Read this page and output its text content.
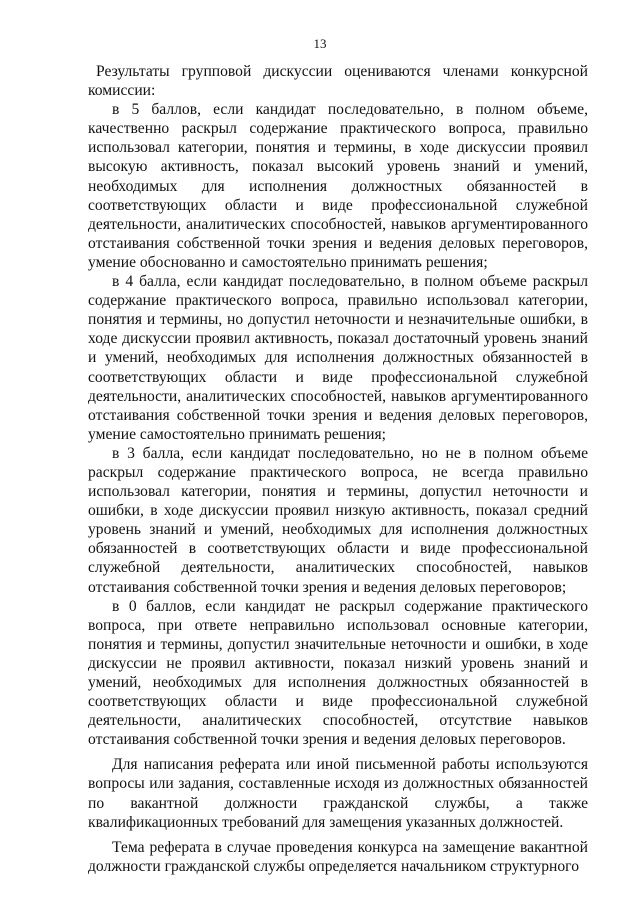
13

Результаты групповой дискуссии оцениваются членами конкурсной комиссии:

в 5 баллов, если кандидат последовательно, в полном объеме, качественно раскрыл содержание практического вопроса, правильно использовал категории, понятия и термины, в ходе дискуссии проявил высокую активность, показал высокий уровень знаний и умений, необходимых для исполнения должностных обязанностей в соответствующих области и виде профессиональной служебной деятельности, аналитических способностей, навыков аргументированного отстаивания собственной точки зрения и ведения деловых переговоров, умение обоснованно и самостоятельно принимать решения;

в 4 балла, если кандидат последовательно, в полном объеме раскрыл содержание практического вопроса, правильно использовал категории, понятия и термины, но допустил неточности и незначительные ошибки, в ходе дискуссии проявил активность, показал достаточный уровень знаний и умений, необходимых для исполнения должностных обязанностей в соответствующих области и виде профессиональной служебной деятельности, аналитических способностей, навыков аргументированного отстаивания собственной точки зрения и ведения деловых переговоров, умение самостоятельно принимать решения;

в 3 балла, если кандидат последовательно, но не в полном объеме раскрыл содержание практического вопроса, не всегда правильно использовал категории, понятия и термины, допустил неточности и ошибки, в ходе дискуссии проявил низкую активность, показал средний уровень знаний и умений, необходимых для исполнения должностных обязанностей в соответствующих области и виде профессиональной служебной деятельности, аналитических способностей, навыков отстаивания собственной точки зрения и ведения деловых переговоров;

в 0 баллов, если кандидат не раскрыл содержание практического вопроса, при ответе неправильно использовал основные категории, понятия и термины, допустил значительные неточности и ошибки, в ходе дискуссии не проявил активности, показал низкий уровень знаний и умений, необходимых для исполнения должностных обязанностей в соответствующих области и виде профессиональной служебной деятельности, аналитических способностей, отсутствие навыков отстаивания собственной точки зрения и ведения деловых переговоров.

Для написания реферата или иной письменной работы используются вопросы или задания, составленные исходя из должностных обязанностей по вакантной должности гражданской службы, а также квалификационных требований для замещения указанных должностей.

Тема реферата в случае проведения конкурса на замещение вакантной должности гражданской службы определяется начальником структурного
